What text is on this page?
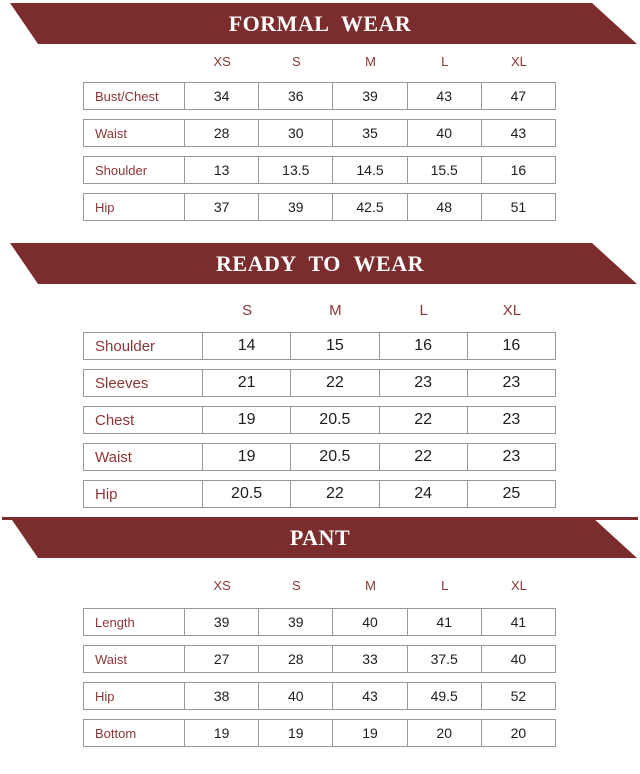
FORMAL WEAR
XS	S	M	L	XL
Bust/Chest	34	36	39	43	47
Waist	28	30	35	40	43
Shoulder	13	13.5	14.5	15.5	16
Hip	37	39	42.5	48	51
READY TO WEAR
S	M	L	XL
Shoulder	14	15	16	16
Sleeves	21	22	23	23
Chest	19	20.5	22	23
Waist	19	20.5	22	23
Hip	20.5	22	24	25
PANT
XS	S	M	L	XL
Length	39	39	40	41	41
Waist	27	28	33	37.5	40
Hip	38	40	43	49.5	52
Bottom	19	19	19	20	20
